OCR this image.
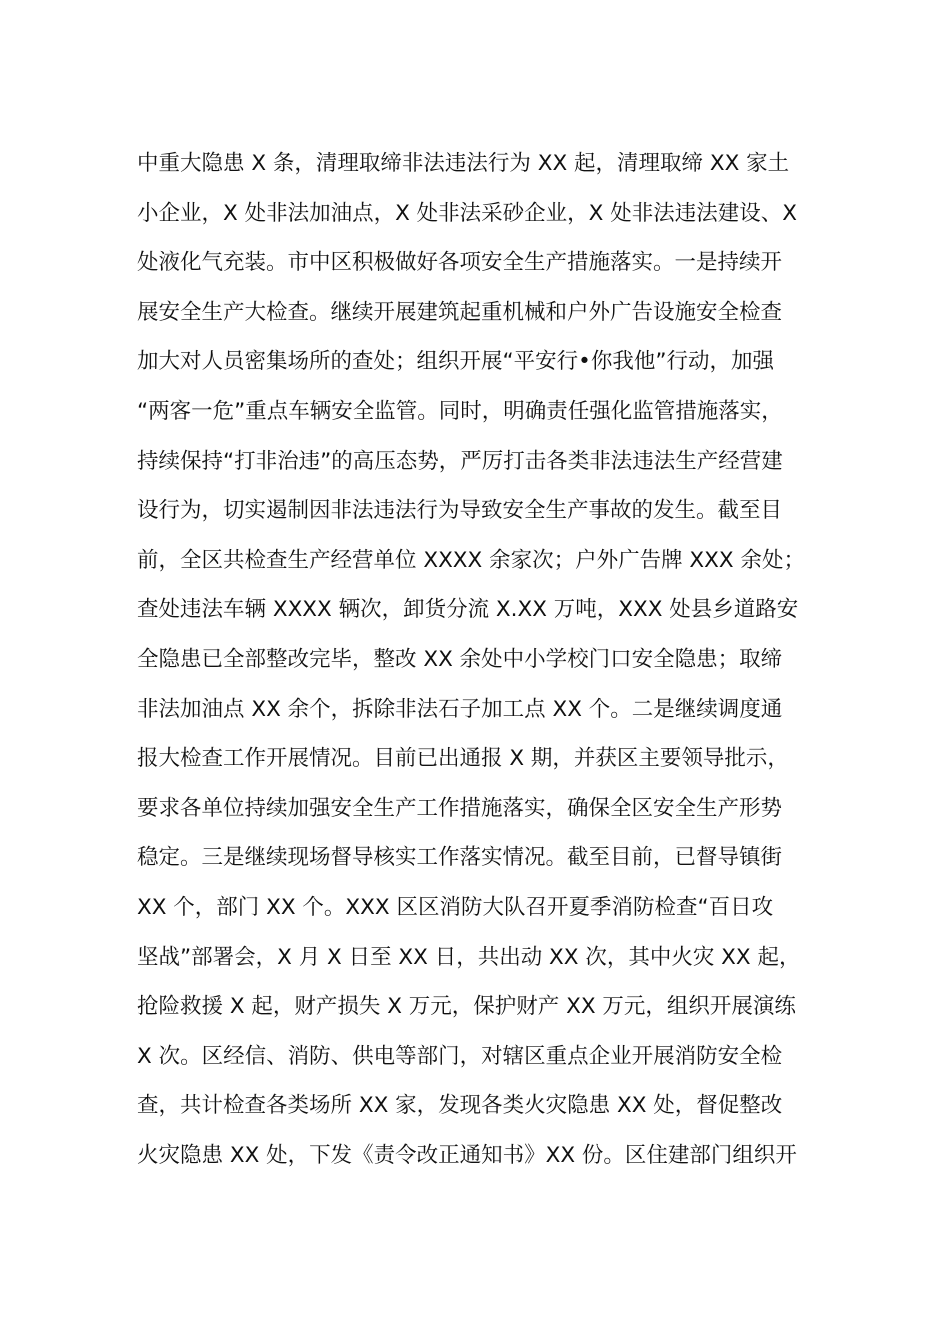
中重大隐患 X 条，清理取缔非法违法行为 XX 起，清理取缔 XX 家土
小企业，X 处非法加油点，X 处非法采砂企业，X 处非法违法建设、X
处液化气充装。市中区积极做好各项安全生产措施落实。一是持续开
展安全生产大检查。继续开展建筑起重机械和户外广告设施安全检查
加大对人员密集场所的查处；组织开展“平安行•你我他”行动，加强
“两客一危”重点车辆安全监管。同时，明确责任强化监管措施落实，
持续保持“打非治违”的高压态势，严厉打击各类非法违法生产经营建
设行为，切实遏制因非法违法行为导致安全生产事故的发生。截至目
前，全区共检查生产经营单位 XXXX 余家次；户外广告牌 XXX 余处；
查处违法车辆 XXXX 辆次，卸货分流 X.XX 万吨，XXX 处县乡道路安
全隐患已全部整改完毕，整改 XX 余处中小学校门口安全隐患；取缔
非法加油点 XX 余个，拆除非法石子加工点 XX 个。二是继续调度通
报大检查工作开展情况。目前已出通报 X 期，并获区主要领导批示，
要求各单位持续加强安全生产工作措施落实，确保全区安全生产形势
稳定。三是继续现场督导核实工作落实情况。截至目前，已督导镇街
XX 个，部门 XX 个。XXX 区区消防大队召开夏季消防检查“百日攻
坚战”部署会，X 月 X 日至 XX 日，共出动 XX 次，其中火灾 XX 起，
抢险救援 X 起，财产损失 X 万元，保护财产 XX 万元，组织开展演练
X 次。区经信、消防、供电等部门，对辖区重点企业开展消防安全检
查，共计检查各类场所 XX 家，发现各类火灾隐患 XX 处，督促整改
火灾隐患 XX 处，下发《责令改正通知书》XX 份。区住建部门组织开
